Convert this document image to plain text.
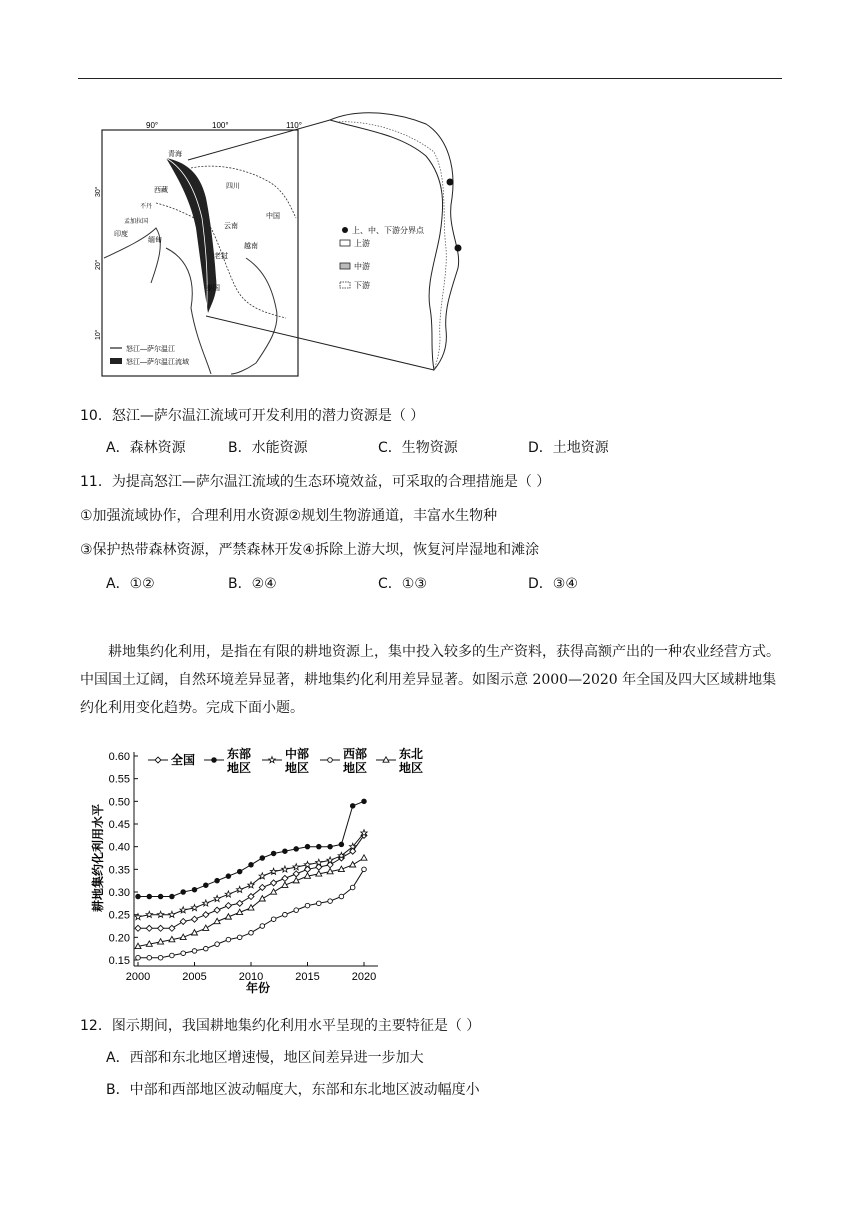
90°	100°	110°
30°
20°
10°
青海
西藏
四川
中国
不丹
孟加拉国
印度
云南
缅甸
老挝
越南
泰国
怒江—萨尔温江
怒江—萨尔温江流域
上、中、下游分界点
上游
中游
下游
10．怒江—萨尔温江流域可开发利用的潜力资源是（ ）
A．森林资源	B．水能资源	C．生物资源	D．土地资源
11．为提高怒江—萨尔温江流域的生态环境效益，可采取的合理措施是（ ）
①加强流域协作，合理利用水资源②规划生物游通道，丰富水生物种
③保护热带森林资源，严禁森林开发④拆除上游大坝，恢复河岸湿地和滩涂
A．①②	B．②④	C．①③	D．③④
耕地集约化利用，是指在有限的耕地资源上，集中投入较多的生产资料，获得高额产出的一种农业经营方式。中国国土辽阔，自然环境差异显著，耕地集约化利用差异显著。如图示意 2000—2020 年全国及四大区域耕地集约化利用变化趋势。完成下面小题。
0.60
0.55
0.50
0.45
0.40
0.35
0.30
0.25
0.20
0.15
2000	2005	2010	2015	2020
全国	东部地区
中部地区
西部地区
东北地区
耕地集约化利用水平
年份
12．图示期间，我国耕地集约化利用水平呈现的主要特征是（ ）
A．西部和东北地区增速慢，地区间差异进一步加大
B．中部和西部地区波动幅度大，东部和东北地区波动幅度小
